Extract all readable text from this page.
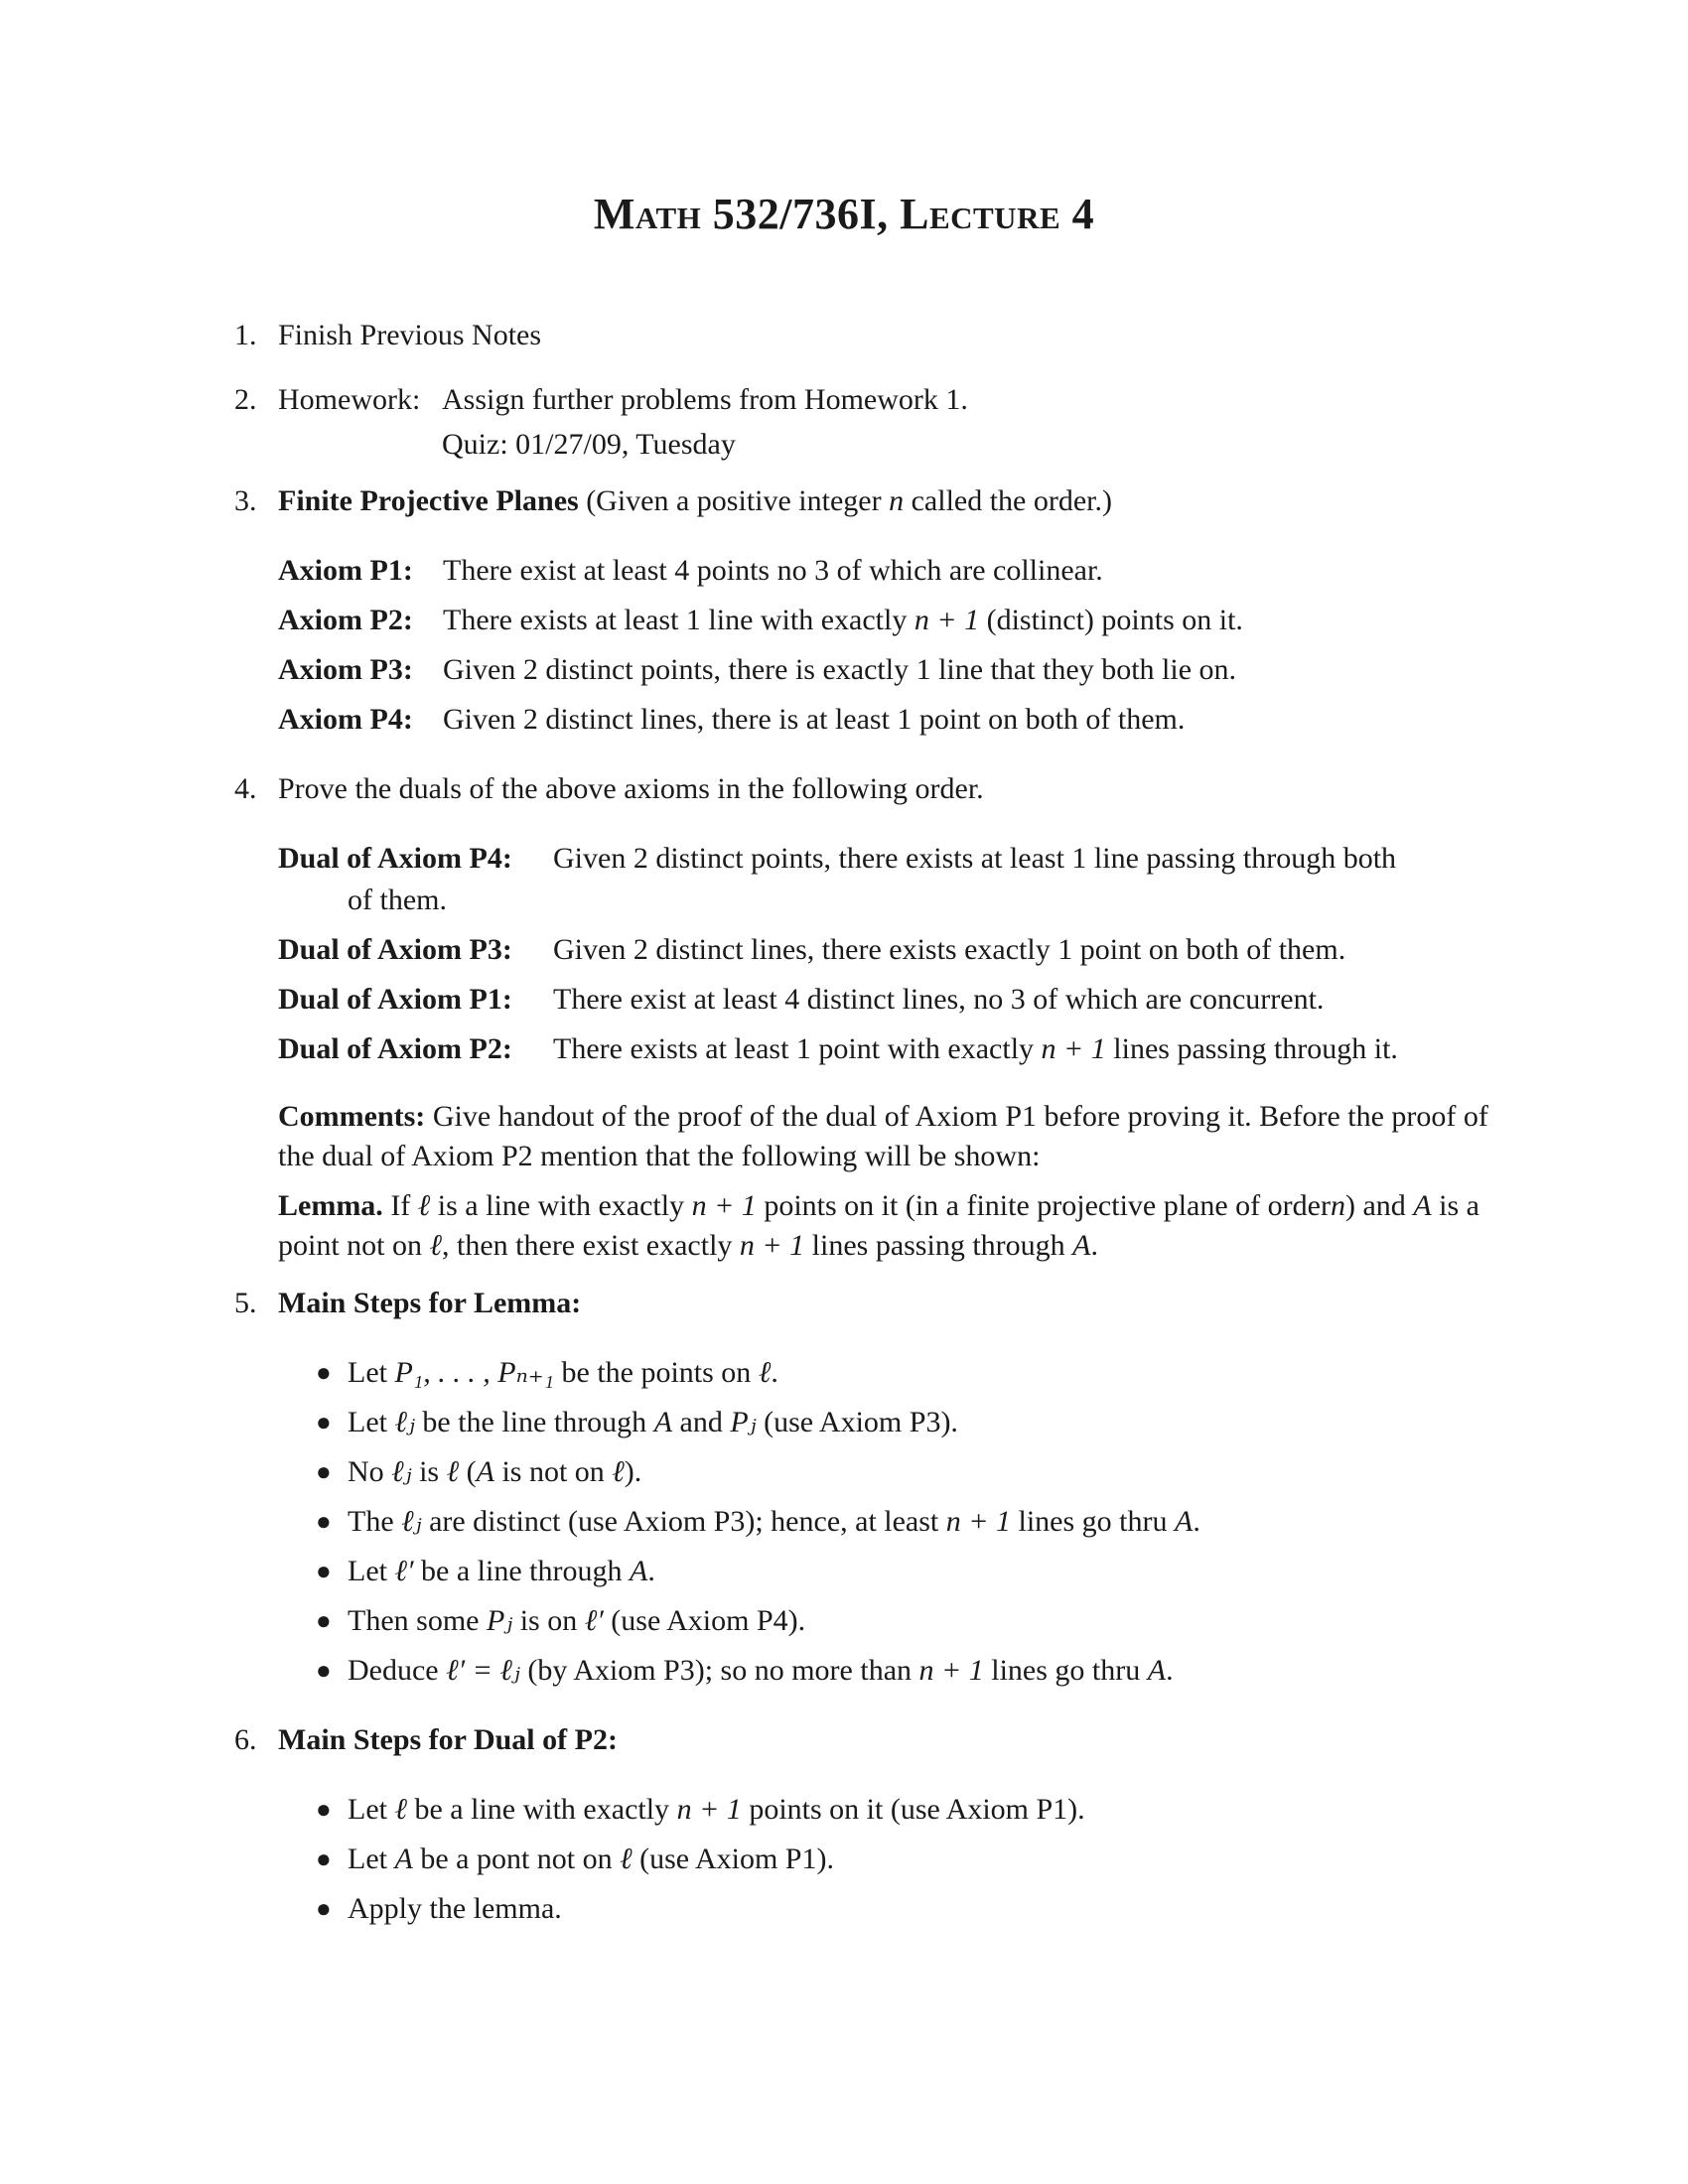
Math 532/736I, Lecture 4
1. Finish Previous Notes
2. Homework: Assign further problems from Homework 1.
Quiz: 01/27/09, Tuesday
3. Finite Projective Planes (Given a positive integer n called the order.)
Axiom P1: There exist at least 4 points no 3 of which are collinear.
Axiom P2: There exists at least 1 line with exactly n + 1 (distinct) points on it.
Axiom P3: Given 2 distinct points, there is exactly 1 line that they both lie on.
Axiom P4: Given 2 distinct lines, there is at least 1 point on both of them.
4. Prove the duals of the above axioms in the following order.
Dual of Axiom P4: Given 2 distinct points, there exists at least 1 line passing through both
of them.
Dual of Axiom P3: Given 2 distinct lines, there exists exactly 1 point on both of them.
Dual of Axiom P1: There exist at least 4 distinct lines, no 3 of which are concurrent.
Dual of Axiom P2: There exists at least 1 point with exactly n + 1 lines passing through it.
Comments: Give handout of the proof of the dual of Axiom P1 before proving it. Before the proof of the dual of Axiom P2 mention that the following will be shown:
Lemma. If ℓ is a line with exactly n + 1 points on it (in a finite projective plane of ordern) and A is a point not on ℓ, then there exist exactly n + 1 lines passing through A.
5. Main Steps for Lemma:
● Let P₁, . . . , Pₙ₊₁ be the points on ℓ.
● Let ℓⱼ be the line through A and Pⱼ (use Axiom P3).
● No ℓⱼ is ℓ (A is not on ℓ).
● The ℓⱼ are distinct (use Axiom P3); hence, at least n + 1 lines go thru A.
● Let ℓ′ be a line through A.
● Then some Pⱼ is on ℓ′ (use Axiom P4).
● Deduce ℓ′ = ℓⱼ (by Axiom P3); so no more than n + 1 lines go thru A.
6. Main Steps for Dual of P2:
● Let ℓ be a line with exactly n + 1 points on it (use Axiom P1).
● Let A be a pont not on ℓ (use Axiom P1).
● Apply the lemma.
